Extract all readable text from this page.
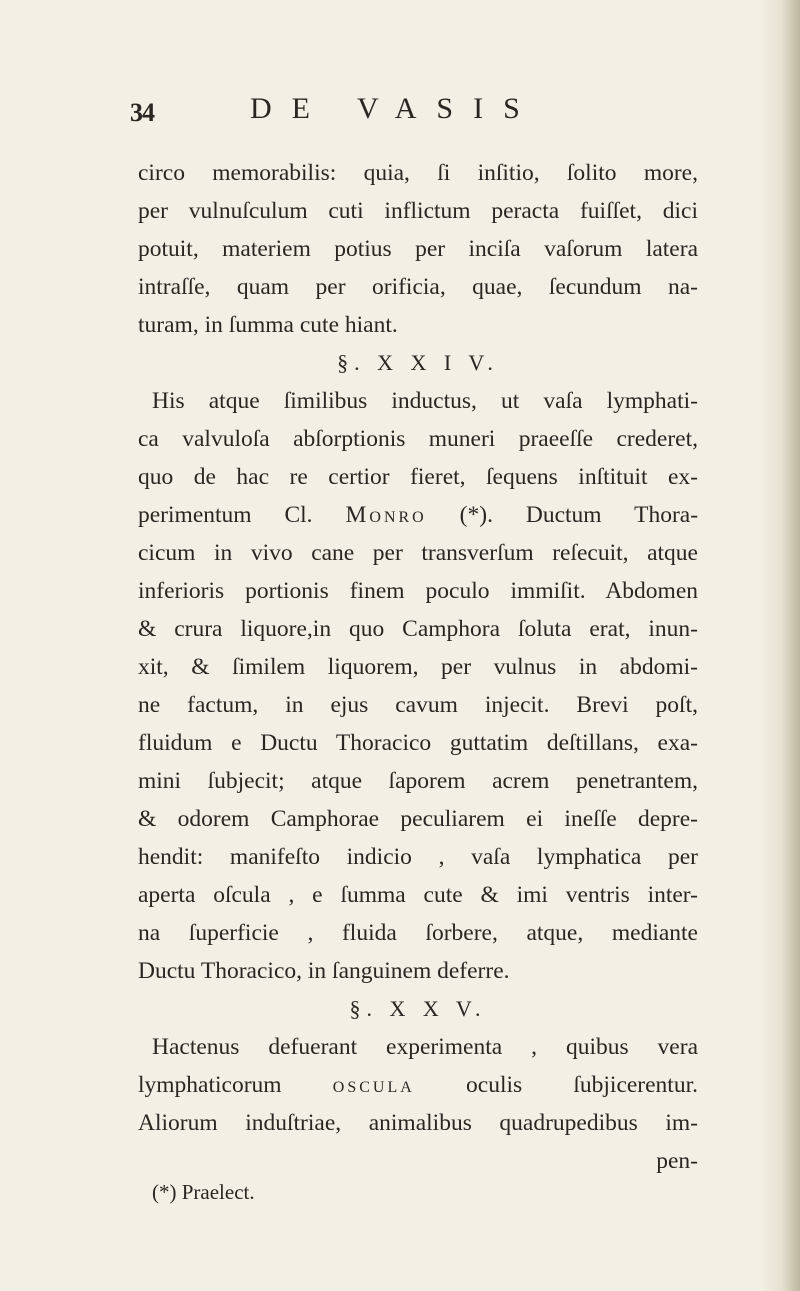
34	DE VASIS
circo memorabilis: quia, ſi inſitio, ſolito more,
per vulnuſculum cuti inflictum peracta fuiſſet, dici
potuit, materiem potius per inciſa vaſorum latera
intraſſe, quam per orificia, quae, ſecundum na-
turam, in ſumma cute hiant.
§. X X I V.
His atque ſimilibus inductus, ut vaſa lymphati-
ca valvuloſa abſorptionis muneri praeeſſe crederet,
quo de hac re certior fieret, ſequens inſtituit ex-
perimentum Cl. Monro (*). Ductum Thora-
cicum in vivo cane per transverſum reſecuit, atque
inferioris portionis finem poculo immiſit. Abdomen
& crura liquore,in quo Camphora ſoluta erat, inun-
xit, & ſimilem liquorem, per vulnus in abdomi-
ne factum, in ejus cavum injecit. Brevi poſt,
fluidum e Ductu Thoracico guttatim deſtillans, exa-
mini ſubjecit; atque ſaporem acrem penetrantem,
& odorem Camphorae peculiarem ei ineſſe depre-
hendit: manifeſto indicio , vaſa lymphatica per
aperta oſcula , e ſumma cute & imi ventris inter-
na ſuperficie , fluida ſorbere, atque, mediante
Ductu Thoracico, in ſanguinem deferre.
§. X X V.
Hactenus defuerant experimenta , quibus vera
lymphaticorum oscula oculis ſubjicerentur.
Aliorum induſtriae, animalibus quadrupedibus im-
pen-
(*) Praelect.
